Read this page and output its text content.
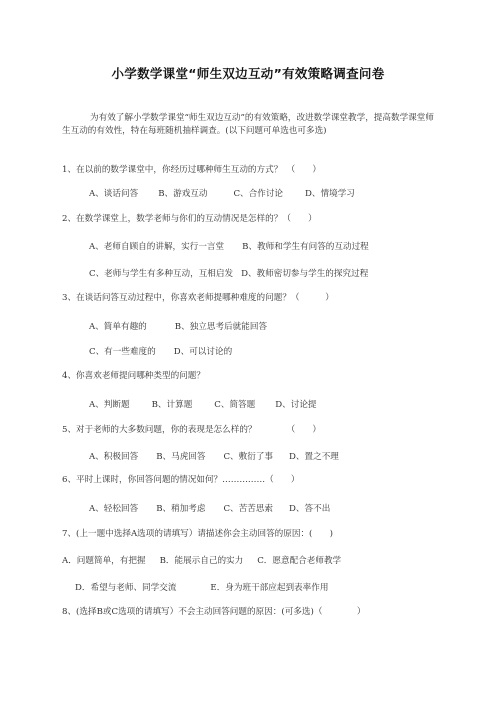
小学数学课堂“师生双边互动”有效策略调查问卷
为有效了解小学数学课堂“师生双边互动”的有效策略，改进数学课堂教学，提高数学课堂师生互动的有效性，特在每班随机抽样调查。(以下问题可单选也可多选)
1、在以前的数学课堂中，你经历过哪种师生互动的方式？　（　　）
A、谈话问答 B、游戏互动	C、合作讨论	D、情境学习
2、在数学课堂上，数学老师与你们的互动情况是怎样的？（　　）
A、老师自顾自的讲解，实行一言堂 B、教师和学生有问答的互动过程
C、老师与学生有多种互动，互相启发 D、教师密切参与学生的探究过程
3、在谈话问答互动过程中，你喜欢老师提哪种难度的问题？（　　　）
A、简单有趣的	B、独立思考后就能回答
C、有一些难度的 D、可以讨论的
4、你喜欢老师提问哪种类型的问题？
A、判断题	B、计算题	C、简答题 D、讨论提
5、对于老师的大多数问题，你的表现是怎么样的？　　　　（　　）
A、积极回答 B、马虎回答 C、敷衍了事 D、置之不理
6、平时上课时，你回答问题的情况如何？……………（　　）
A、轻松回答 B、稍加考虑 C、苦苦思索 D、答不出
7、(上一题中选择A选项的请填写）请描述你会主动回答的原因：(　　)
A．问题简单，有把握 B．能展示自己的实力 C．愿意配合老师教学
D．希望与老师、同学交流	E．身为班干部应起到表率作用
8、(选择B或C选项的请填写）不会主动回答问题的原因：(可多选)（　　　　）
